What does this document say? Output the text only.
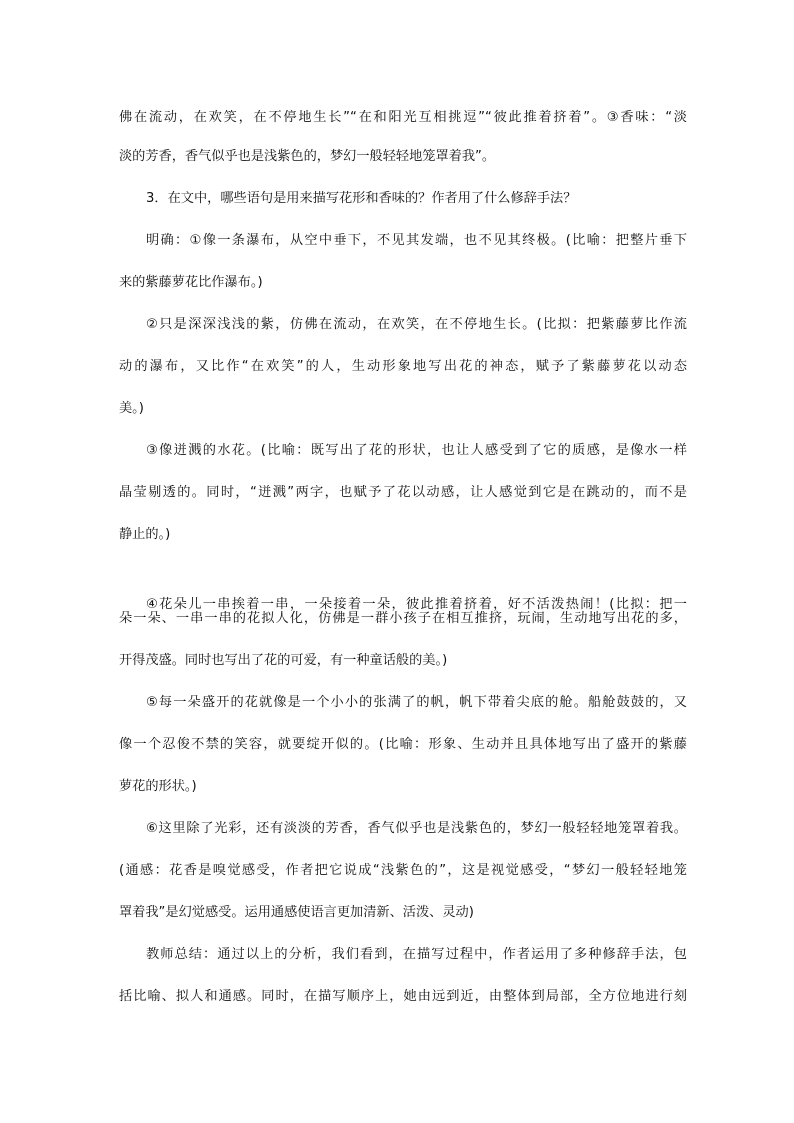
佛在流动，在欢笑，在不停地生长”“在和阳光互相挑逗”“彼此推着挤着”。③香味：“淡
淡的芳香，香气似乎也是浅紫色的，梦幻一般轻轻地笼罩着我”。
3．在文中，哪些语句是用来描写花形和香味的？作者用了什么修辞手法？
明确：①像一条瀑布，从空中垂下，不见其发端，也不见其终极。(比喻：把整片垂下
来的紫藤萝花比作瀑布。)
②只是深深浅浅的紫，仿佛在流动，在欢笑，在不停地生长。(比拟：把紫藤萝比作流
动的瀑布，又比作“在欢笑”的人，生动形象地写出花的神态，赋予了紫藤萝花以动态
美。)
③像迸溅的水花。(比喻：既写出了花的形状，也让人感受到了它的质感，是像水一样
晶莹剔透的。同时，“迸溅”两字，也赋予了花以动感，让人感觉到它是在跳动的，而不是
静止的。)
④花朵儿一串挨着一串，一朵接着一朵，彼此推着挤着，好不活泼热闹！(比拟：把一
朵一朵、一串一串的花拟人化，仿佛是一群小孩子在相互推挤，玩闹，生动地写出花的多，
开得茂盛。同时也写出了花的可爱，有一种童话般的美。)
⑤每一朵盛开的花就像是一个小小的张满了的帆，帆下带着尖底的舱。船舱鼓鼓的，又
像一个忍俊不禁的笑容，就要绽开似的。(比喻：形象、生动并且具体地写出了盛开的紫藤
萝花的形状。)
⑥这里除了光彩，还有淡淡的芳香，香气似乎也是浅紫色的，梦幻一般轻轻地笼罩着我。
(通感：花香是嗅觉感受，作者把它说成“浅紫色的”，这是视觉感受，“梦幻一般轻轻地笼
罩着我”是幻觉感受。运用通感使语言更加清新、活泼、灵动)
教师总结：通过以上的分析，我们看到，在描写过程中，作者运用了多种修辞手法，包
括比喻、拟人和通感。同时，在描写顺序上，她由远到近，由整体到局部，全方位地进行刻
